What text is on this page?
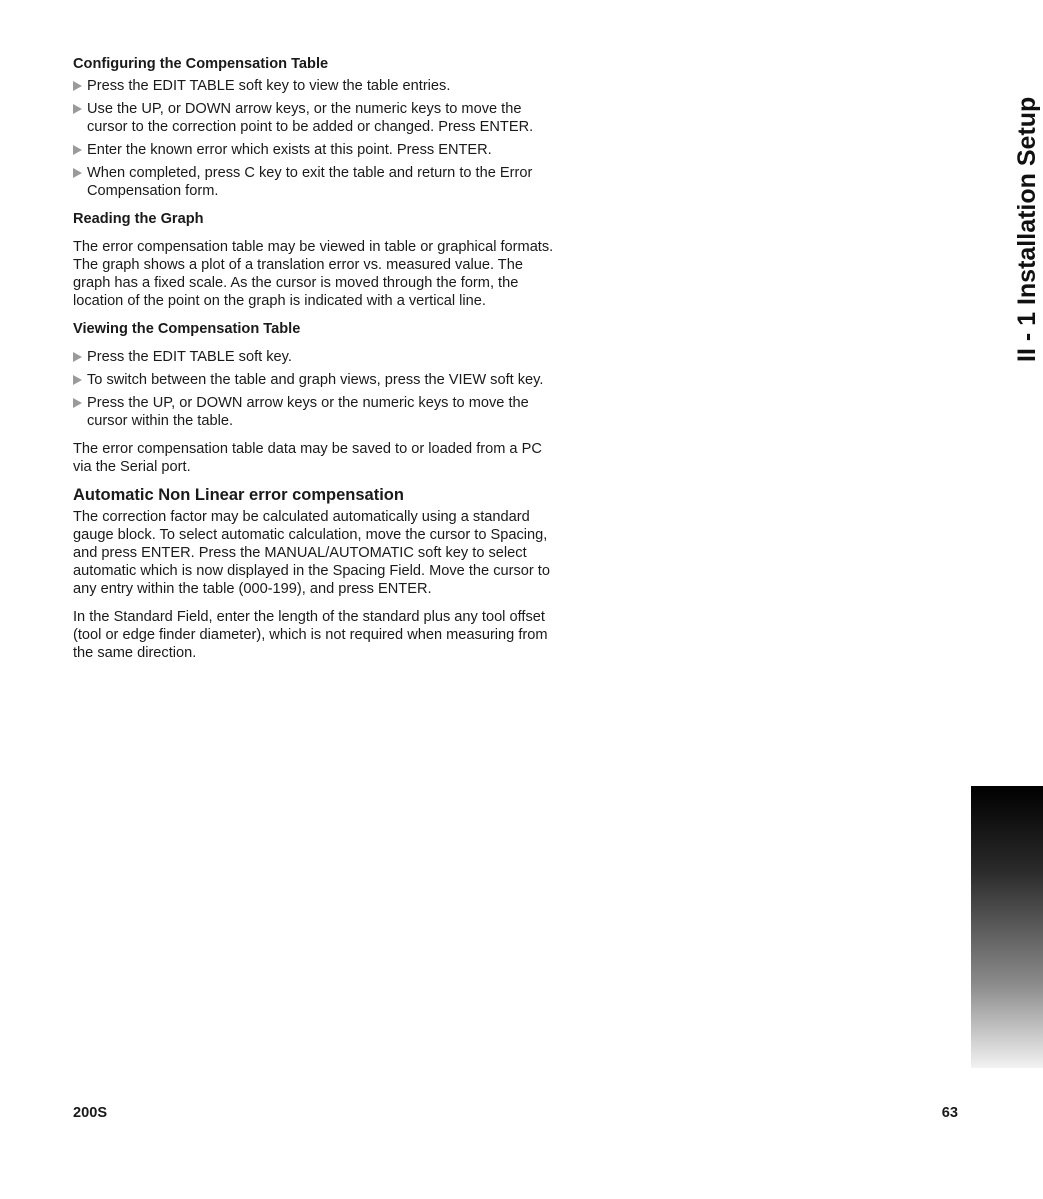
Configuring the Compensation Table
Press the EDIT TABLE soft key to view the table entries.
Use the UP, or DOWN arrow keys, or the numeric keys to move the cursor to the correction point to be added or changed. Press ENTER.
Enter the known error which exists at this point. Press ENTER.
When completed, press C key to exit the table and return to the Error Compensation form.
Reading the Graph

The error compensation table may be viewed in table or graphical formats. The graph shows a plot of a translation error vs. measured value. The graph has a fixed scale. As the cursor is moved through the form, the location of the point on the graph is indicated with a vertical line.

Viewing the Compensation Table
Press the EDIT TABLE soft key.
To switch between the table and graph views, press the VIEW soft key.
Press the UP, or DOWN arrow keys or the numeric keys to move the cursor within the table.

The error compensation table data may be saved to or loaded from a PC via the Serial port.

Automatic Non Linear error compensation

The correction factor may be calculated automatically using a standard gauge block. To select automatic calculation, move the cursor to Spacing, and press ENTER. Press the MANUAL/AUTOMATIC soft key to select automatic which is now displayed in the Spacing Field. Move the cursor to any entry within the table (000-199), and press ENTER.

In the Standard Field, enter the length of the standard plus any tool offset (tool or edge finder diameter), which is not required when measuring from the same direction.

II - 1 Installation Setup
200S	63
